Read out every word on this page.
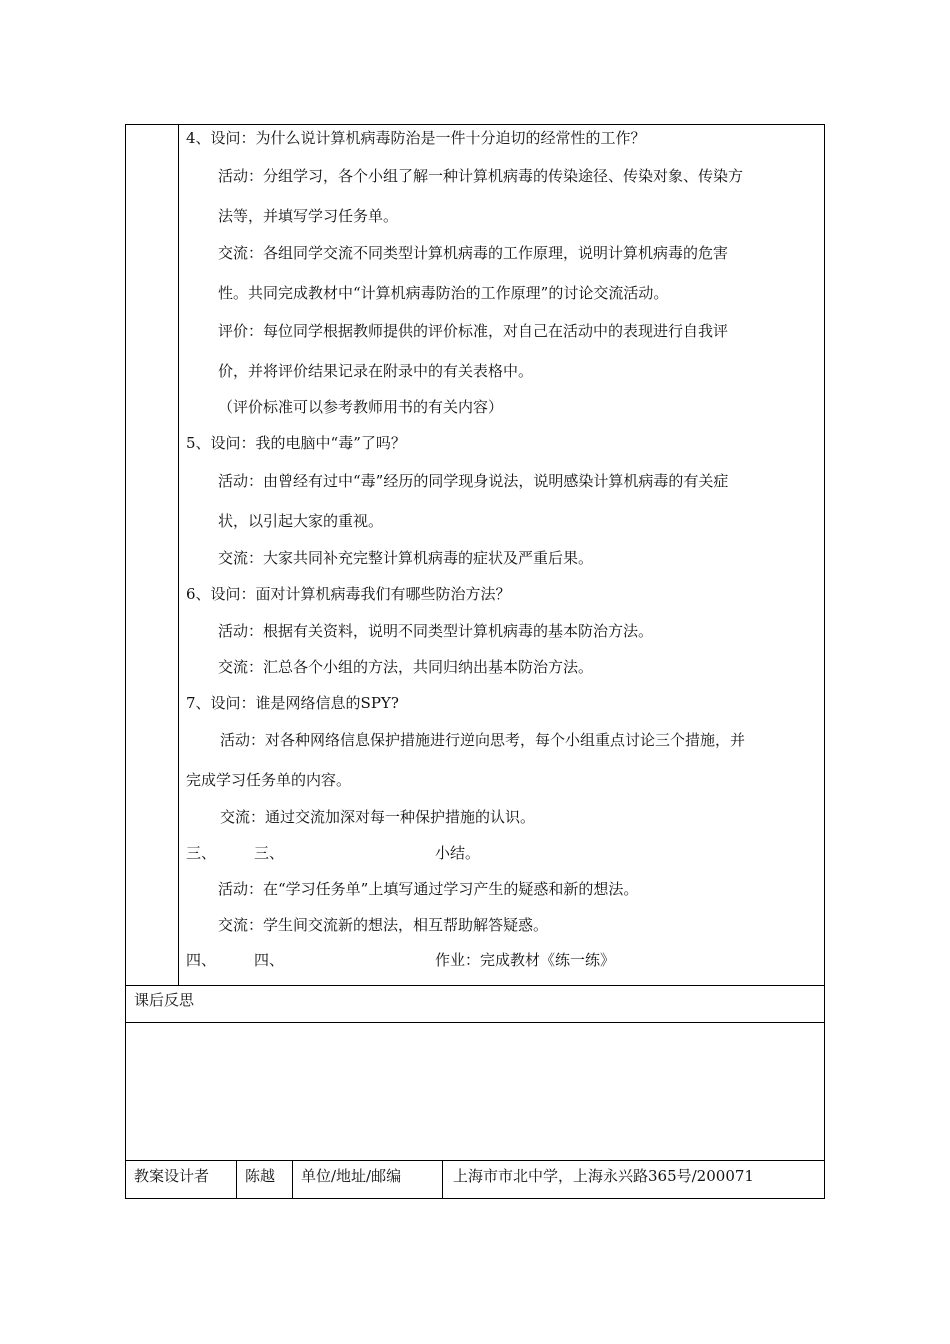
4、设问：为什么说计算机病毒防治是一件十分迫切的经常性的工作？
活动：分组学习，各个小组了解一种计算机病毒的传染途径、传染对象、传染方
法等，并填写学习任务单。
交流：各组同学交流不同类型计算机病毒的工作原理，说明计算机病毒的危害
性。共同完成教材中“计算机病毒防治的工作原理”的讨论交流活动。
评价：每位同学根据教师提供的评价标准，对自己在活动中的表现进行自我评
价，并将评价结果记录在附录中的有关表格中。
（评价标准可以参考教师用书的有关内容）
5、设问：我的电脑中“毒”了吗？
活动：由曾经有过中“毒”经历的同学现身说法，说明感染计算机病毒的有关症
状，以引起大家的重视。
交流：大家共同补充完整计算机病毒的症状及严重后果。
6、设问：面对计算机病毒我们有哪些防治方法？
活动：根据有关资料，说明不同类型计算机病毒的基本防治方法。
交流：汇总各个小组的方法，共同归纳出基本防治方法。
7、设问：谁是网络信息的SPY?
活动：对各种网络信息保护措施进行逆向思考，每个小组重点讨论三个措施，并
完成学习任务单的内容。
交流：通过交流加深对每一种保护措施的认识。
三、	三、	小结。
活动：在“学习任务单”上填写通过学习产生的疑惑和新的想法。
交流：学生间交流新的想法，相互帮助解答疑惑。
四、	四、	作业：完成教材《练一练》
课后反思
教案设计者 陈越 单位/地址/邮编	上海市市北中学，上海永兴路365号/200071
